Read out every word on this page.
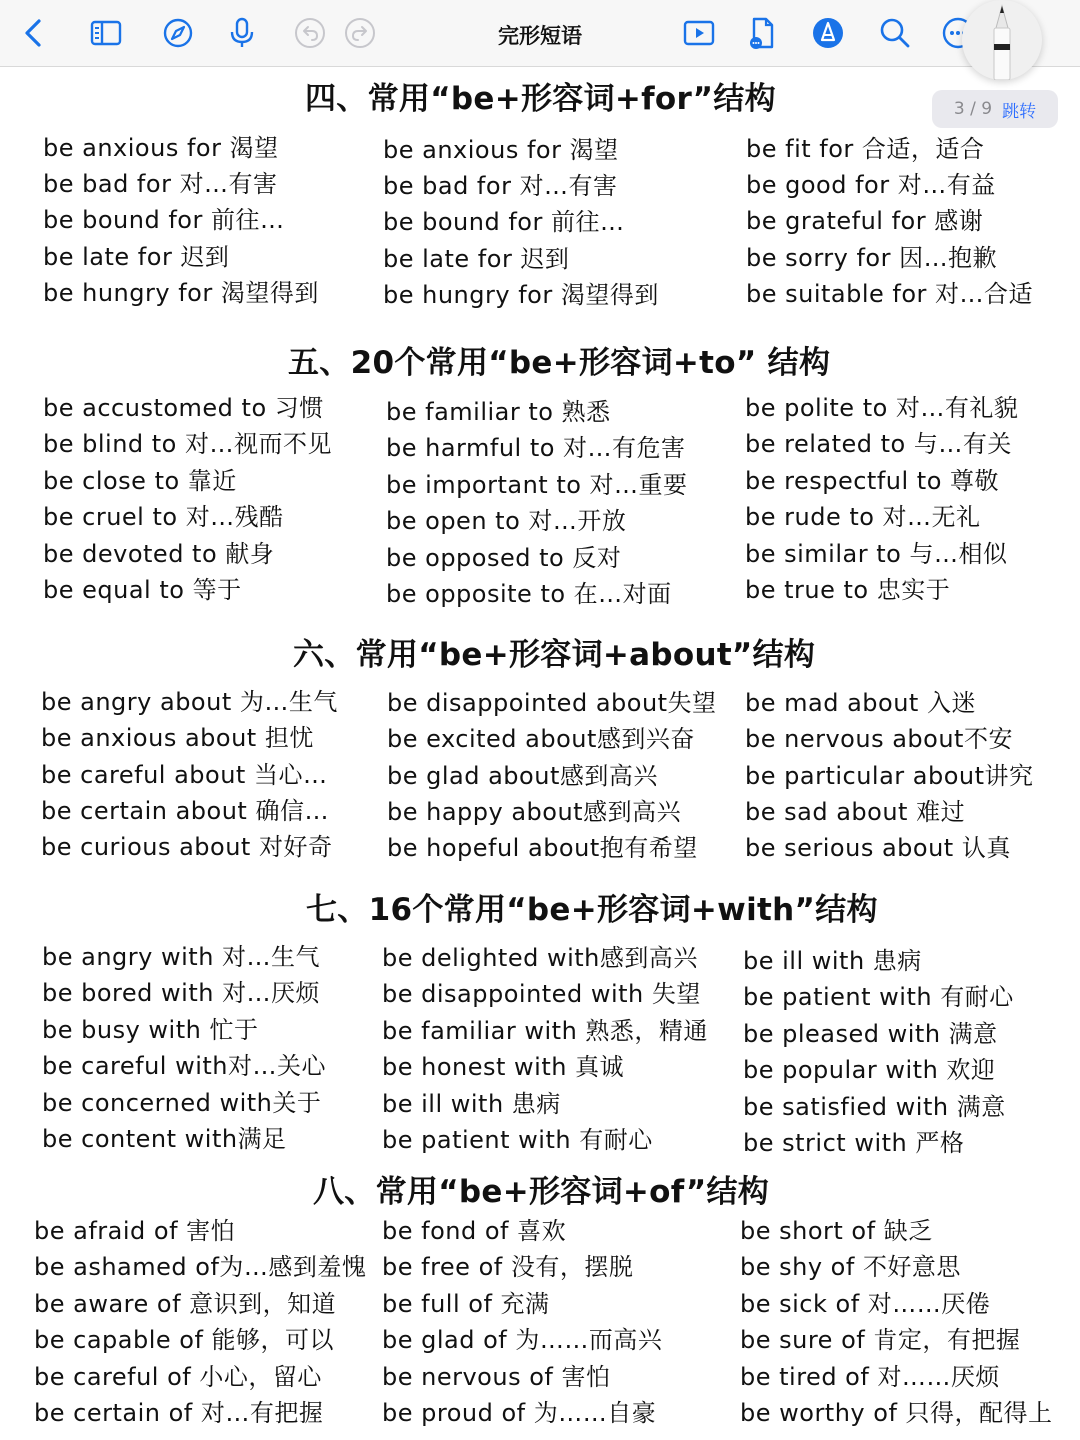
完形短语
3 / 9 跳转
四、常用“be+形容词+for”结构
be anxious for 渴望
be bad for 对…有害
be bound for 前往…
be late for 迟到
be hungry for 渴望得到
be anxious for 渴望
be bad for 对…有害
be bound for 前往…
be late for 迟到
be hungry for 渴望得到
be fit for 合适，适合
be good for 对…有益
be grateful for 感谢
be sorry for 因…抱歉
be suitable for 对…合适
五、20个常用“be+形容词+to” 结构
be accustomed to 习惯
be blind to 对…视而不见
be close to 靠近
be cruel to 对…残酷
be devoted to 献身
be equal to 等于
be familiar to 熟悉
be harmful to 对…有危害
be important to 对…重要
be open to 对…开放
be opposed to 反对
be opposite to 在…对面
be polite to 对…有礼貌
be related to 与…有关
be respectful to 尊敬
be rude to 对…无礼
be similar to 与…相似
be true to 忠实于
六、常用“be+形容词+about”结构
be angry about 为…生气
be anxious about 担忧
be careful about 当心…
be certain about 确信…
be curious about 对好奇
be disappointed about失望
be excited about感到兴奋
be glad about感到高兴
be happy about感到高兴
be hopeful about抱有希望
be mad about 入迷
be nervous about不安
be particular about讲究
be sad about 难过
be serious about 认真
七、16个常用“be+形容词+with”结构
be angry with 对…生气
be bored with 对…厌烦
be busy with 忙于
be careful with对…关心
be concerned with关于
be content with满足
be delighted with感到高兴
be disappointed with 失望
be familiar with 熟悉，精通
be honest with 真诚
be ill with 患病
be patient with 有耐心
be ill with 患病
be patient with 有耐心
be pleased with 满意
be popular with 欢迎
be satisfied with 满意
be strict with 严格
八、常用“be+形容词+of”结构
be afraid of 害怕
be ashamed of为…感到羞愧
be aware of 意识到，知道
be capable of 能够，可以
be careful of 小心，留心
be certain of 对…有把握
be fond of 喜欢
be free of 没有，摆脱
be full of 充满
be glad of 为……而高兴
be nervous of 害怕
be proud of 为……自豪
be short of 缺乏
be shy of 不好意思
be sick of 对……厌倦
be sure of 肯定，有把握
be tired of 对……厌烦
be worthy of 只得，配得上
